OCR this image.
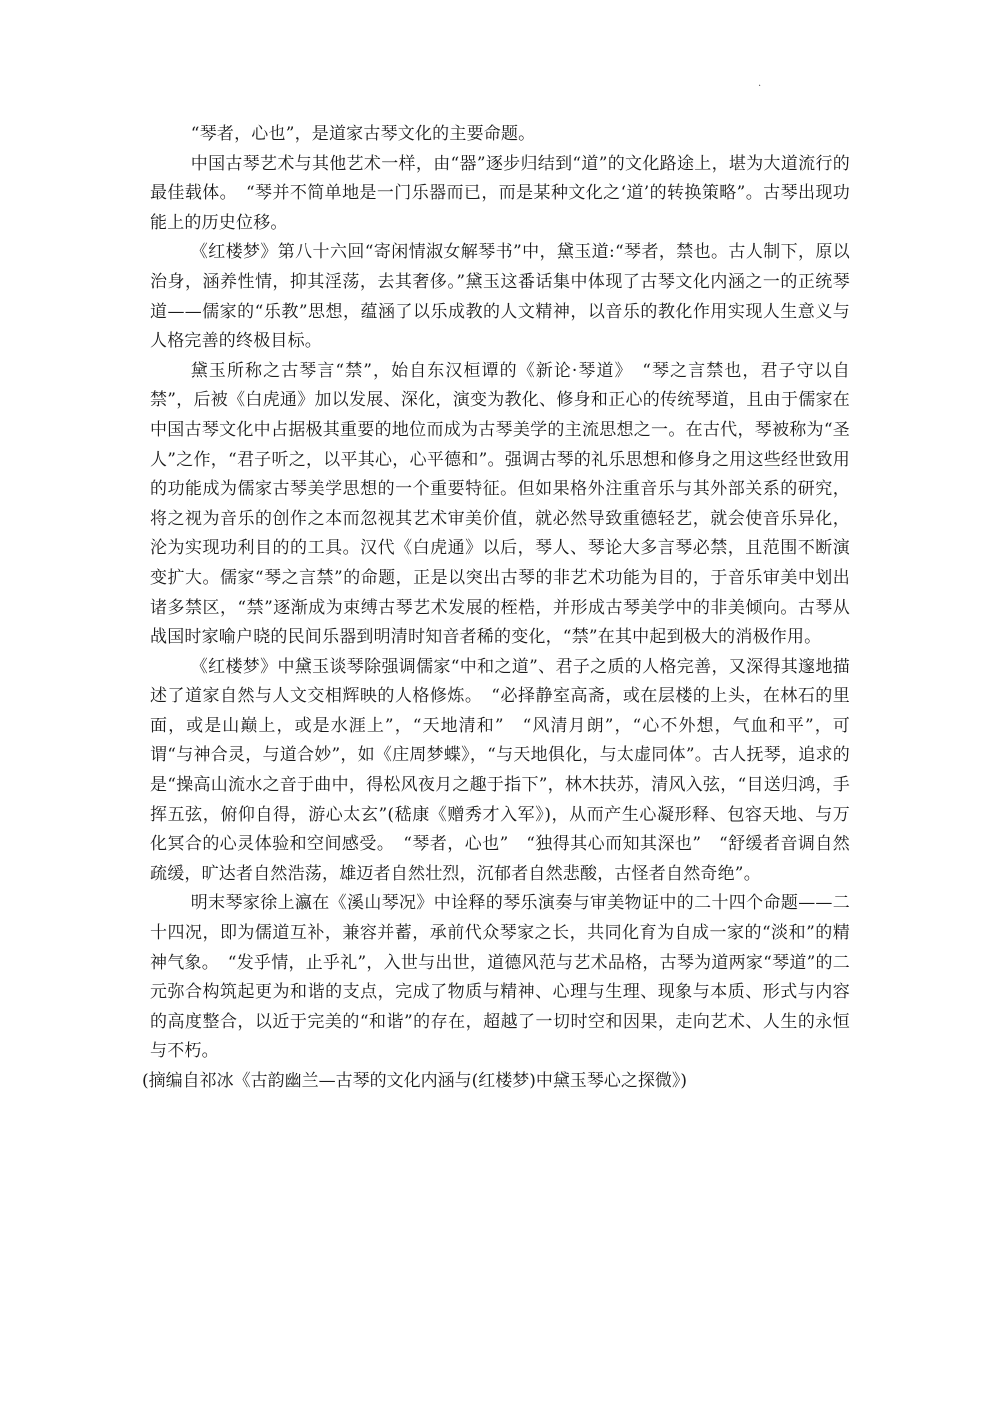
.

“琴者，心也”，是道家古琴文化的主要命题。

中国古琴艺术与其他艺术一样，由“器”逐步归结到“道”的文化路途上，堪为大道流行的最佳载体。　“琴并不简单地是一门乐器而已，而是某种文化之‘道’的转换策略”。古琴出现功能上的历史位移。

《红楼梦》第八十六回“寄闲情淑女解琴书”中，黛玉道:“琴者，禁也。古人制下，原以治身，涵养性情，抑其淫荡，去其奢侈。”黛玉这番话集中体现了古琴文化内涵之一的正统琴道——儒家的“乐教”思想，蕴涵了以乐成教的人文精神，以音乐的教化作用实现人生意义与人格完善的终极目标。

黛玉所称之古琴言“禁”，始自东汉桓谭的《新论·琴道》　“琴之言禁也，君子守以自禁”，后被《白虎通》加以发展、深化，演变为教化、修身和正心的传统琴道，且由于儒家在中国古琴文化中占据极其重要的地位而成为古琴美学的主流思想之一。在古代，琴被称为“圣人”之作，“君子听之，以平其心，心平德和”。强调古琴的礼乐思想和修身之用这些经世致用的功能成为儒家古琴美学思想的一个重要特征。但如果格外注重音乐与其外部关系的研究，将之视为音乐的创作之本而忽视其艺术审美价值，就必然导致重德轻艺，就会使音乐异化，沦为实现功利目的的工具。汉代《白虎通》以后，琴人、琴论大多言琴必禁，且范围不断演变扩大。儒家“琴之言禁”的命题，正是以突出古琴的非艺术功能为目的，于音乐审美中划出诸多禁区，“禁”逐渐成为束缚古琴艺术发展的桎梏，并形成古琴美学中的非美倾向。古琴从战国时家喻户晓的民间乐器到明清时知音者稀的变化，“禁”在其中起到极大的消极作用。

《红楼梦》中黛玉谈琴除强调儒家“中和之道”、君子之质的人格完善，又深得其邃地描述了道家自然与人文交相辉映的人格修炼。　“必择静室高斋，或在层楼的上头，在林石的里面，或是山巅上，或是水涯上”，“天地清和”　“风清月朗”，“心不外想，气血和平”，可谓“与神合灵，与道合妙”，如《庄周梦蝶》，“与天地俱化，与太虚同体”。古人抚琴，追求的是“操高山流水之音于曲中，得松风夜月之趣于指下”，林木扶苏，清风入弦，“目送归鸿，手挥五弦，俯仰自得，游心太玄”(嵇康《赠秀才入军》)，从而产生心凝形释、包容天地、与万化冥合的心灵体验和空间感受。　“琴者，心也”　“独得其心而知其深也”　“舒缓者音调自然疏缓，旷达者自然浩荡，雄迈者自然壮烈，沉郁者自然悲酸，古怪者自然奇绝”。

明末琴家徐上瀛在《溪山琴况》中诠释的琴乐演奏与审美物证中的二十四个命题——二十四况，即为儒道互补，兼容并蓄，承前代众琴家之长，共同化育为自成一家的“淡和”的精神气象。　“发乎情，止乎礼”，入世与出世，道德风范与艺术品格，古琴为道两家“琴道”的二元弥合构筑起更为和谐的支点，完成了物质与精神、心理与生理、现象与本质、形式与内容的高度整合，以近于完美的“和谐”的存在，超越了一切时空和因果，走向艺术、人生的永恒与不朽。

(摘编自祁冰《古韵幽兰—古琴的文化内涵与(红楼梦)中黛玉琴心之探微》)
